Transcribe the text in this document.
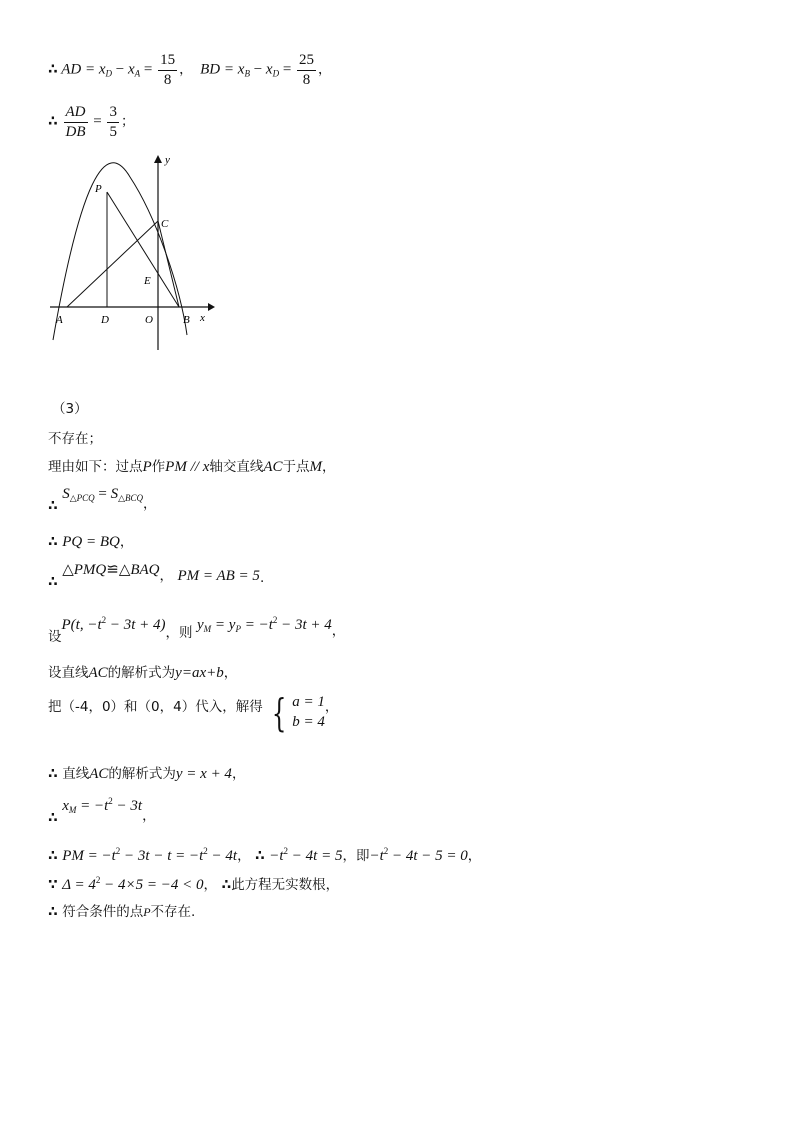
∴ AD = $x_D - x_A = \frac{15}{8}$ ， BD = $x_B - x_D = \frac{25}{8}$ ，
∴ $\frac{AD}{DB} = \frac{3}{5}$ ；
y
x
P
C
E
A	D	O	B
（3）
不存在；
理由如下：过点P作PM // x轴交直线AC于点M，
∴ $S_{\triangle PCQ} = S_{\triangle BCQ}$，
∴ PQ = BQ，
∴ △PMQ≌△BAQ， PM = AB = 5.
设P(t, $-t^2 - 3t + 4$)，则 $y_M = y_P = -t^2 - 3t + 4$，
设直线AC的解析式为y=ax+b，
把（-4，0）和（0，4）代入，解得 { a = 1
b = 4
，
∴ 直线AC的解析式为y = x + 4，
∴ $x_M = -t^2 - 3t$，
∴ PM = $-t^2 - 3t - t = -t^2 - 4t$， ∴ $-t^2 - 4t = 5$，即$-t^2 - 4t - 5 = 0$，
∵ $\Delta = 4^2 - 4\times 5 = -4 < 0$， ∴此方程无实数根，
∴ 符合条件的点P不存在.
